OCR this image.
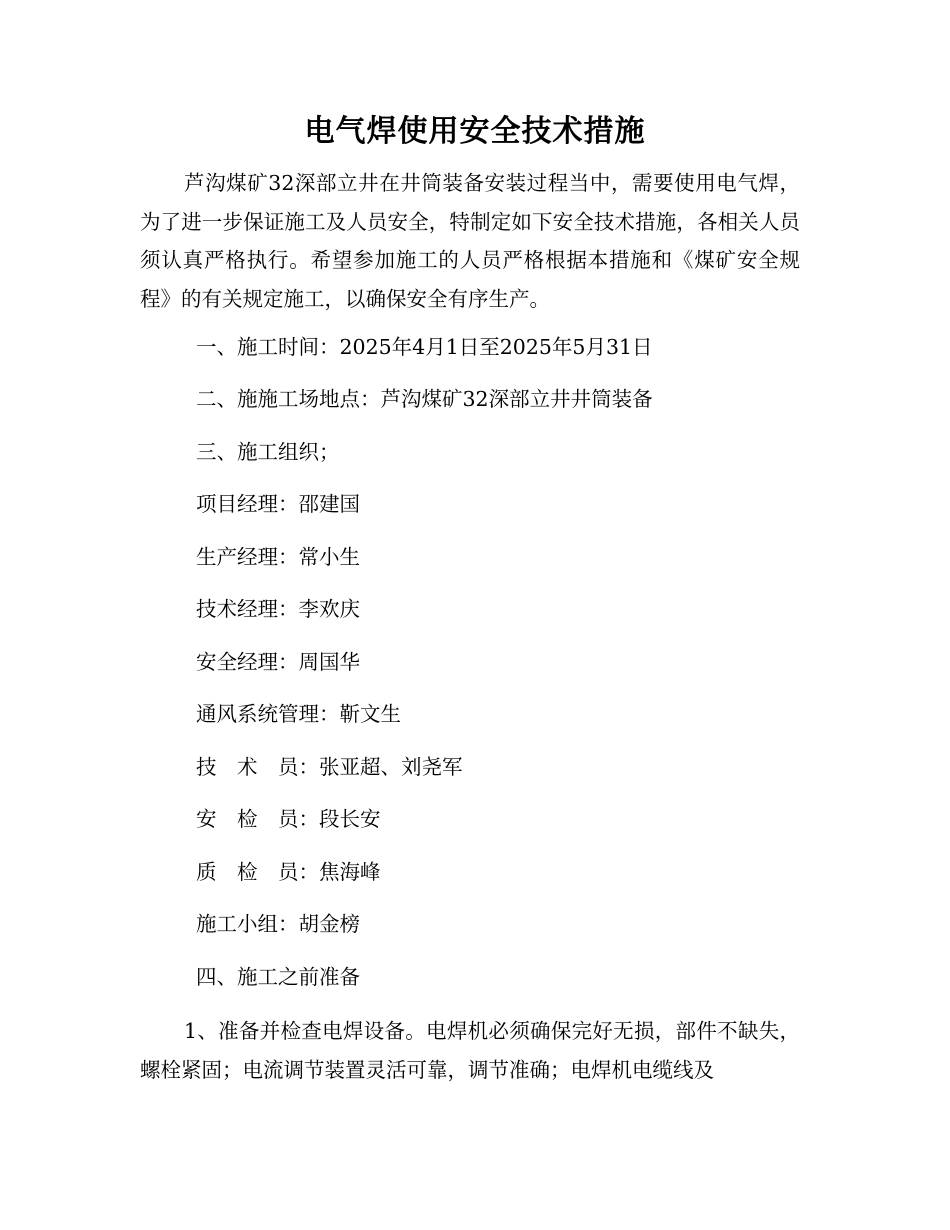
电气焊使用安全技术措施

芦沟煤矿32深部立井在井筒装备安装过程当中，需要使用电气焊，为了进一步保证施工及人员安全，特制定如下安全技术措施，各相关人员须认真严格执行。希望参加施工的人员严格根据本措施和《煤矿安全规程》的有关规定施工，以确保安全有序生产。

一、施工时间：2025年4月1日至2025年5月31日
二、施施工场地点：芦沟煤矿32深部立井井筒装备
三、施工组织；
项目经理：邵建国
生产经理：常小生
技术经理：李欢庆
安全经理：周国华
通风系统管理：靳文生
技　术　员：张亚超、刘尧军
安　检　员：段长安
质　检　员：焦海峰
施工小组：胡金榜
四、施工之前准备

1、准备并检查电焊设备。电焊机必须确保完好无损，部件不缺失，螺栓紧固；电流调节装置灵活可靠，调节准确；电焊机电缆线及
